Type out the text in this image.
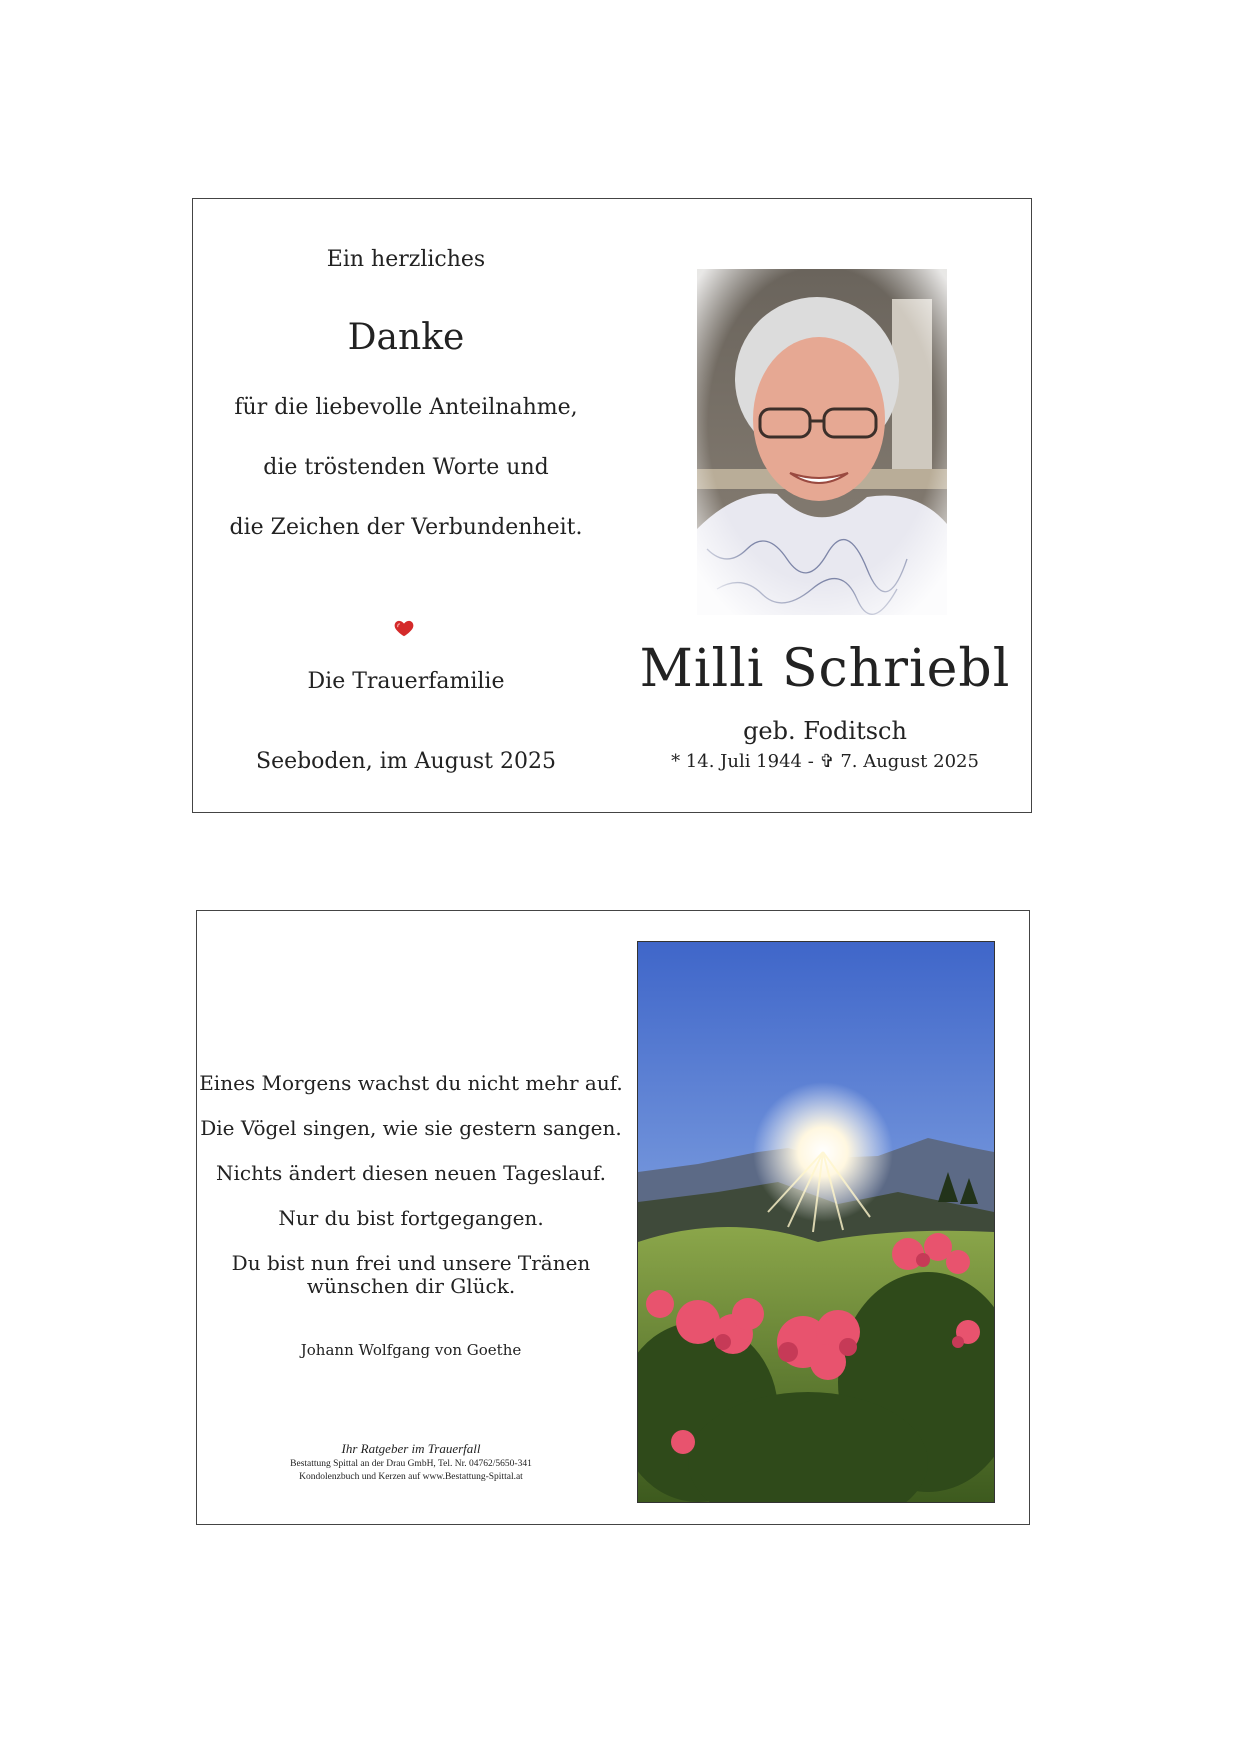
Ein herzliches
Danke
für die liebevolle Anteilnahme,
die tröstenden Worte und
die Zeichen der Verbundenheit.
Die Trauerfamilie
Seeboden, im August 2025
Milli Schriebl
geb. Foditsch
* 14. Juli 1944 - ✞ 7. August 2025
Eines Morgens wachst du nicht mehr auf.
Die Vögel singen, wie sie gestern sangen.
Nichts ändert diesen neuen Tageslauf.
Nur du bist fortgegangen.
Du bist nun frei und unsere Tränen
wünschen dir Glück.
Johann Wolfgang von Goethe
Ihr Ratgeber im Trauerfall
Bestattung Spittal an der Drau GmbH, Tel. Nr. 04762/5650-341
Kondolenzbuch und Kerzen auf www.Bestattung-Spittal.at
